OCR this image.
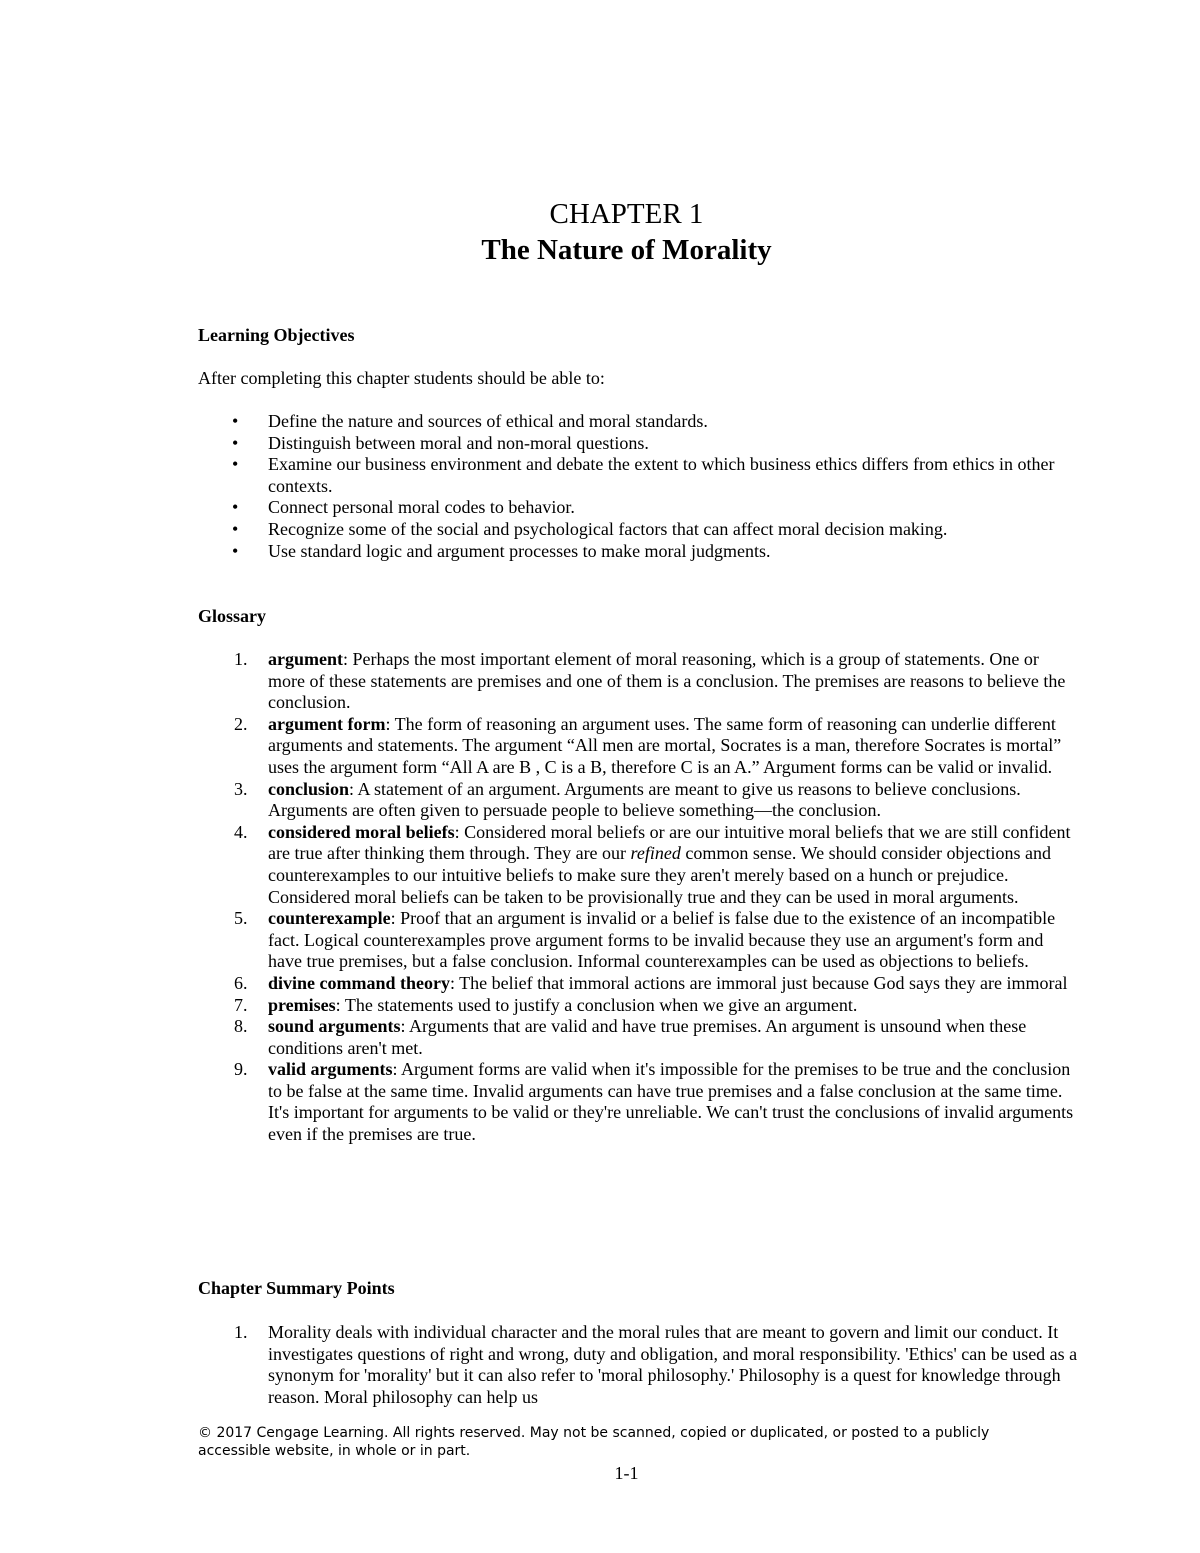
CHAPTER 1
The Nature of Morality
Learning Objectives
After completing this chapter students should be able to:
• Define the nature and sources of ethical and moral standards.
• Distinguish between moral and non-moral questions.
• Examine our business environment and debate the extent to which business ethics differs from ethics in other contexts.
• Connect personal moral codes to behavior.
• Recognize some of the social and psychological factors that can affect moral decision making.
• Use standard logic and argument processes to make moral judgments.
Glossary
1. argument: Perhaps the most important element of moral reasoning, which is a group of statements. One or more of these statements are premises and one of them is a conclusion. The premises are reasons to believe the conclusion.
2. argument form: The form of reasoning an argument uses. The same form of reasoning can underlie different arguments and statements. The argument “All men are mortal, Socrates is a man, therefore Socrates is mortal” uses the argument form “All A are B , C is a B, therefore C is an A.” Argument forms can be valid or invalid.
3. conclusion: A statement of an argument. Arguments are meant to give us reasons to believe conclusions. Arguments are often given to persuade people to believe something—the conclusion.
4. considered moral beliefs: Considered moral beliefs or are our intuitive moral beliefs that we are still confident are true after thinking them through. They are our refined common sense. We should consider objections and counterexamples to our intuitive beliefs to make sure they aren't merely based on a hunch or prejudice. Considered moral beliefs can be taken to be provisionally true and they can be used in moral arguments.
5. counterexample: Proof that an argument is invalid or a belief is false due to the existence of an incompatible fact. Logical counterexamples prove argument forms to be invalid because they use an argument's form and have true premises, but a false conclusion. Informal counterexamples can be used as objections to beliefs.
6. divine command theory: The belief that immoral actions are immoral just because God says they are immoral
7. premises: The statements used to justify a conclusion when we give an argument.
8. sound arguments: Arguments that are valid and have true premises. An argument is unsound when these conditions aren't met.
9. valid arguments: Argument forms are valid when it's impossible for the premises to be true and the conclusion to be false at the same time. Invalid arguments can have true premises and a false conclusion at the same time. It's important for arguments to be valid or they're unreliable. We can't trust the conclusions of invalid arguments even if the premises are true.
Chapter Summary Points
1. Morality deals with individual character and the moral rules that are meant to govern and limit our conduct. It investigates questions of right and wrong, duty and obligation, and moral responsibility. 'Ethics' can be used as a synonym for 'morality' but it can also refer to 'moral philosophy.' Philosophy is a quest for knowledge through reason. Moral philosophy can help us
© 2017 Cengage Learning. All rights reserved. May not be scanned, copied or duplicated, or posted to a publicly accessible website, in whole or in part.
1-1
